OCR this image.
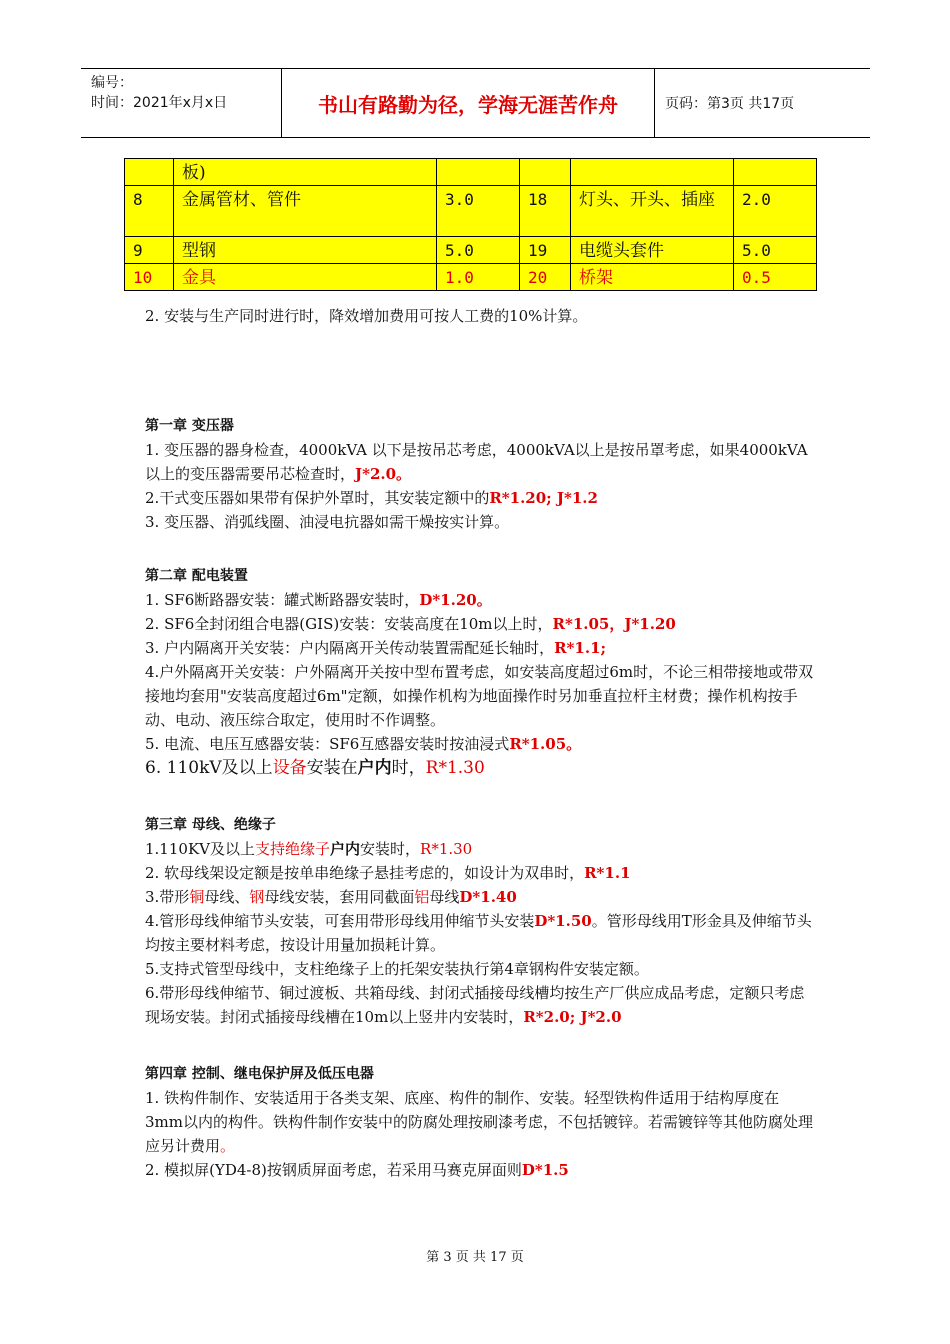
编号：
时间：2021年x月x日	书山有路勤为径，学海无涯苦作舟	页码：第3页 共17页
	板)				
8	金属管材、管件	3.0	18	灯头、开头、插座	2.0
9	型钢	5.0	19	电缆头套件	5.0
10	金具	1.0	20	桥架	0.5

2. 安装与生产同时进行时，降效增加费用可按人工费的10%计算。

第一章 变压器

1. 变压器的器身检查，4000kVA 以下是按吊芯考虑，4000kVA以上是按吊罩考虑，如果4000kVA以上的变压器需要吊芯检查时，J*2.0。

2.干式变压器如果带有保护外罩时，其安装定额中的R*1.20; J*1.2

3. 变压器、消弧线圈、油浸电抗器如需干燥按实计算。

第二章 配电装置

1. SF6断路器安装：罐式断路器安装时，D*1.20。

2. SF6全封闭组合电器(GIS)安装：安装高度在10m以上时，R*1.05，J*1.20

3. 户内隔离开关安装：户内隔离开关传动装置需配延长轴时，R*1.1;

4.户外隔离开关安装：户外隔离开关按中型布置考虑，如安装高度超过6m时，不论三相带接地或带双接地均套用"安装高度超过6m"定额，如操作机构为地面操作时另加垂直拉杆主材费；操作机构按手动、电动、液压综合取定，使用时不作调整。

5. 电流、电压互感器安装：SF6互感器安装时按油浸式R*1.05。

6. 110kV及以上设备安装在户内时，R*1.30

第三章 母线、绝缘子

1.110KV及以上支持绝缘子户内安装时，R*1.30

2. 软母线架设定额是按单串绝缘子悬挂考虑的，如设计为双串时，R*1.1

3.带形铜母线、钢母线安装，套用同截面铝母线D*1.40

4.管形母线伸缩节头安装，可套用带形母线用伸缩节头安装D*1.50。管形母线用T形金具及伸缩节头均按主要材料考虑，按设计用量加损耗计算。

5.支持式管型母线中，支柱绝缘子上的托架安装执行第4章钢构件安装定额。

6.带形母线伸缩节、铜过渡板、共箱母线、封闭式插接母线槽均按生产厂供应成品考虑，定额只考虑现场安装。封闭式插接母线槽在10m以上竖井内安装时，R*2.0; J*2.0

第四章 控制、继电保护屏及低压电器

1. 铁构件制作、安装适用于各类支架、底座、构件的制作、安装。轻型铁构件适用于结构厚度在3mm以内的构件。铁构件制作安装中的防腐处理按刷漆考虑，不包括镀锌。若需镀锌等其他防腐处理应另计费用。

2. 模拟屏(YD4-8)按钢质屏面考虑，若采用马赛克屏面则D*1.5

第 3 页 共 17 页
